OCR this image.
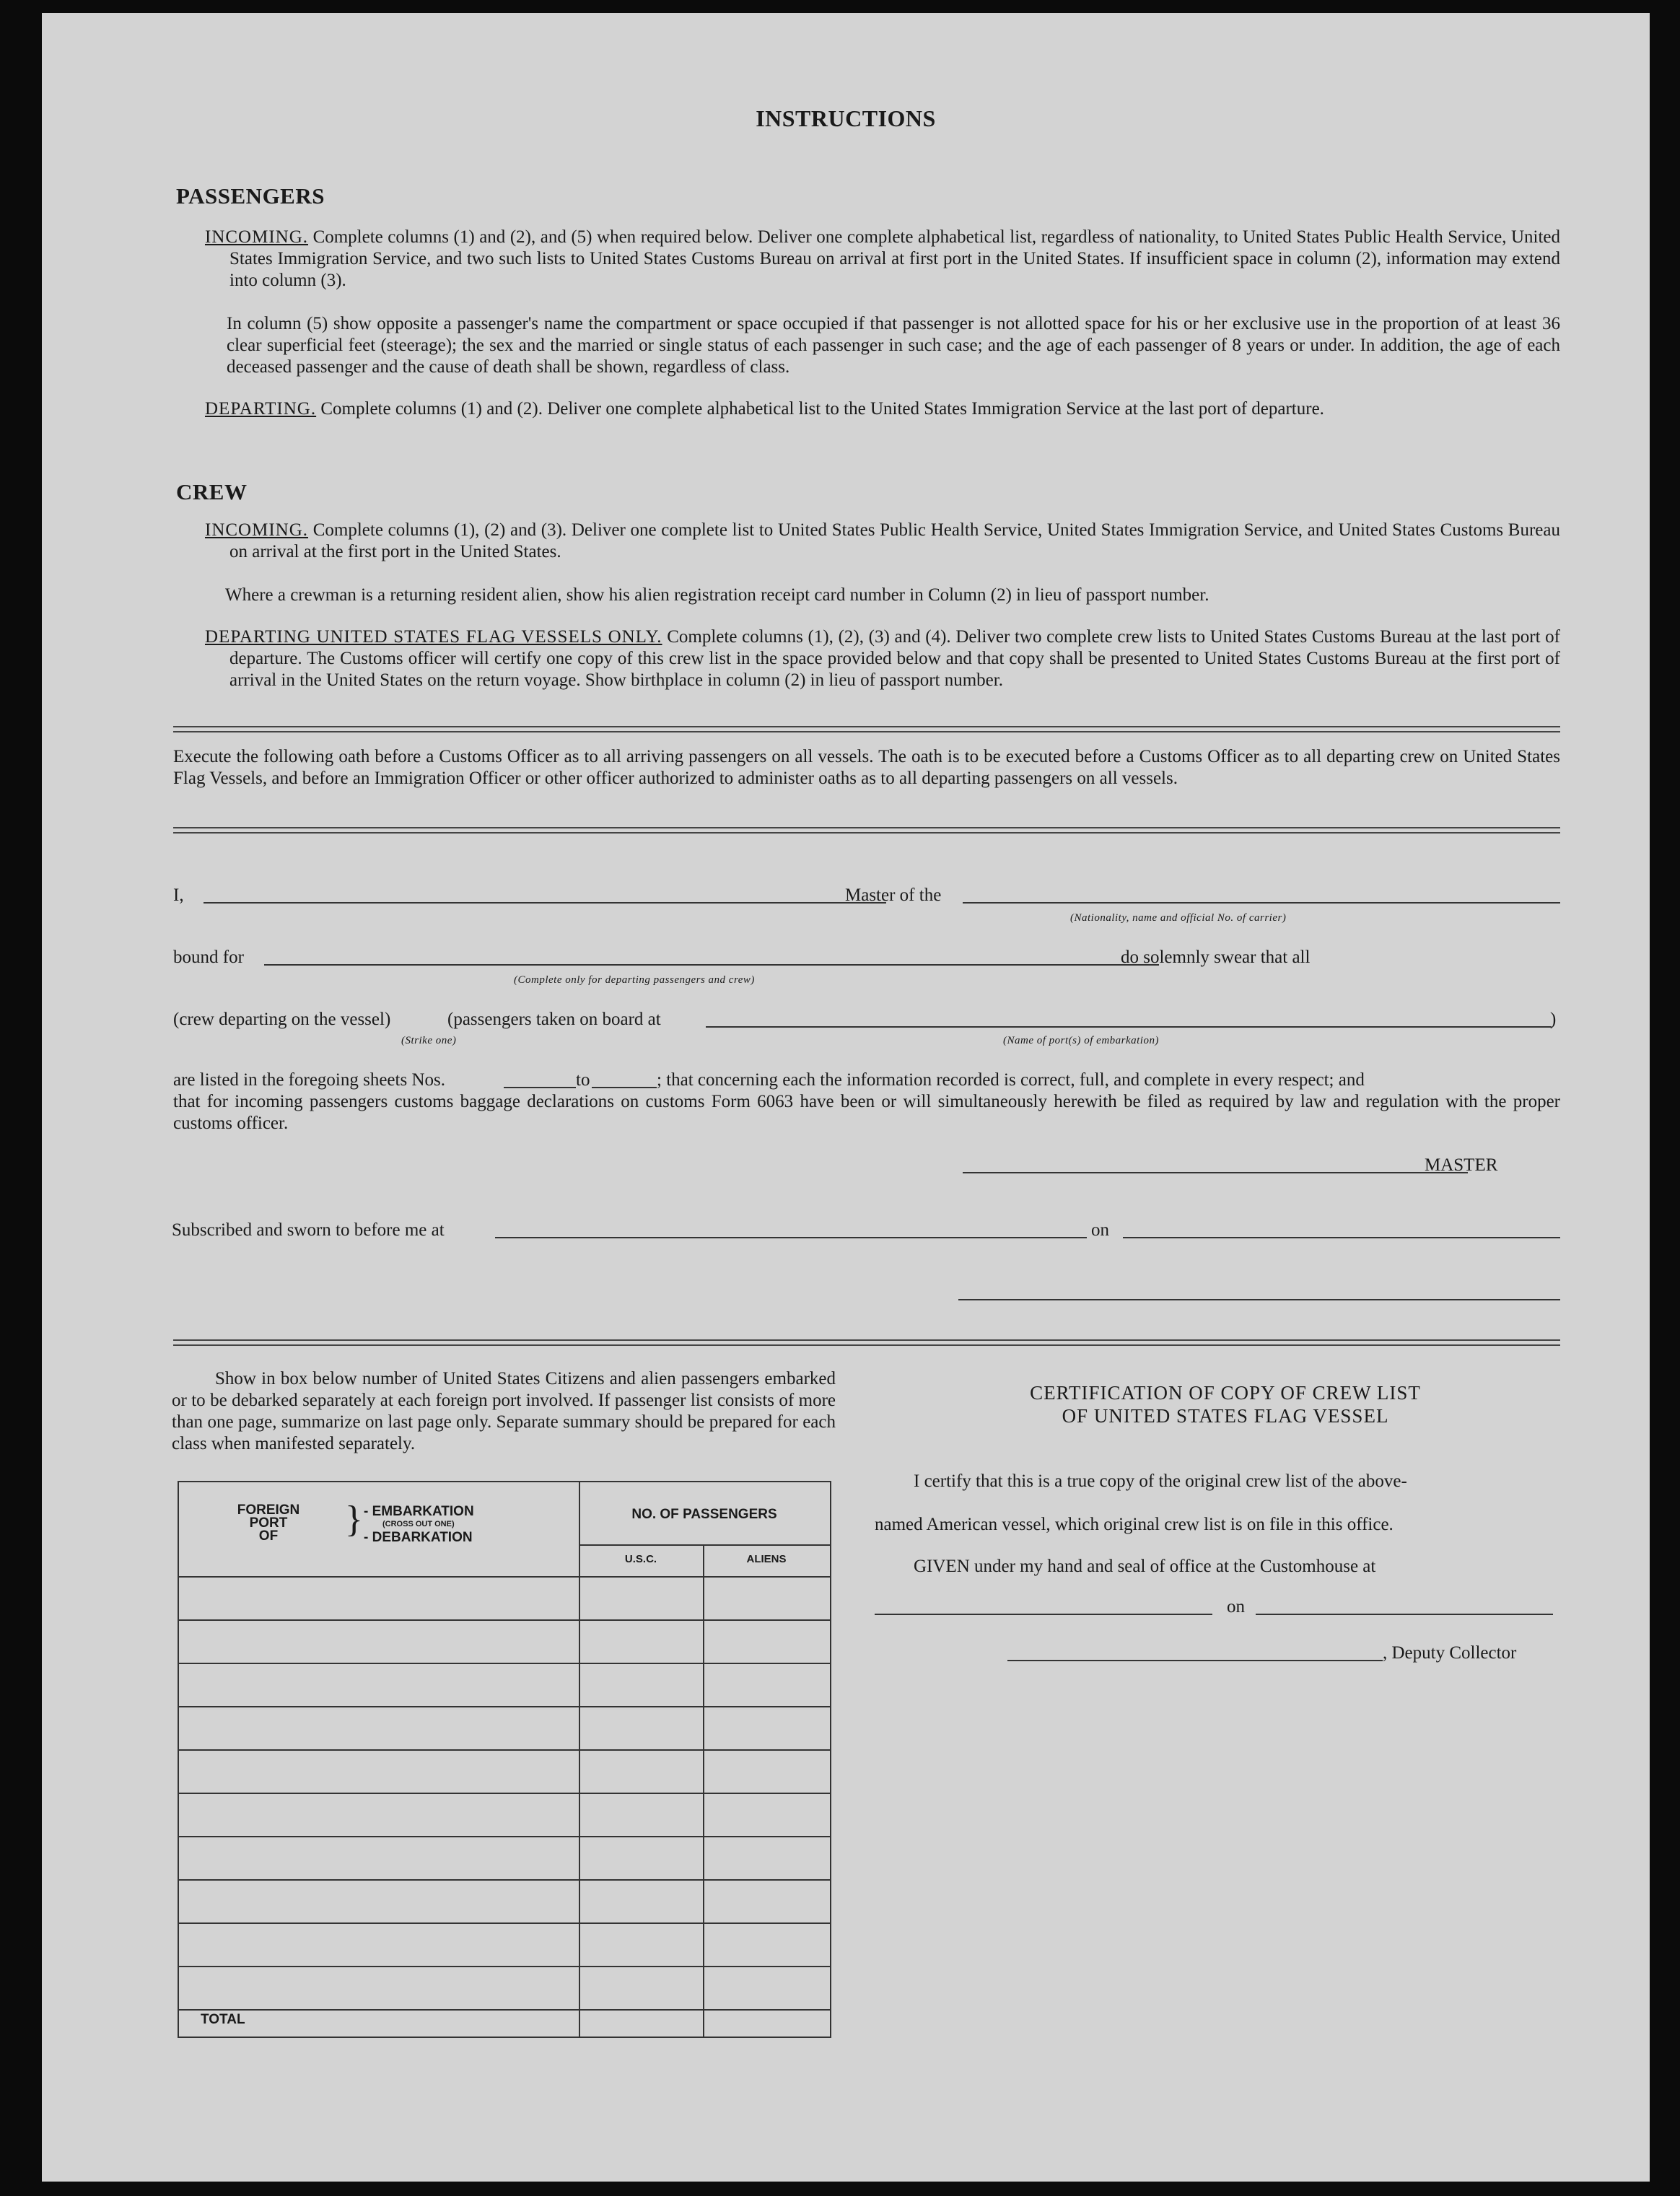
INSTRUCTIONS
PASSENGERS
INCOMING. Complete columns (1) and (2), and (5) when required below. Deliver one complete alphabetical list, regardless of nationality, to United States Public Health Service, United States Immigration Service, and two such lists to United States Customs Bureau on arrival at first port in the United States. If insufficient space in column (2), information may extend into column (3).
In column (5) show opposite a passenger's name the compartment or space occupied if that passenger is not allotted space for his or her exclusive use in the proportion of at least 36 clear superficial feet (steerage); the sex and the married or single status of each passenger in such case; and the age of each passenger of 8 years or under. In addition, the age of each deceased passenger and the cause of death shall be shown, regardless of class.
DEPARTING. Complete columns (1) and (2). Deliver one complete alphabetical list to the United States Immigration Service at the last port of departure.
CREW
INCOMING. Complete columns (1), (2) and (3). Deliver one complete list to United States Public Health Service, United States Immigration Service, and United States Customs Bureau on arrival at the first port in the United States.
Where a crewman is a returning resident alien, show his alien registration receipt card number in Column (2) in lieu of passport number.
DEPARTING UNITED STATES FLAG VESSELS ONLY. Complete columns (1), (2), (3) and (4). Deliver two complete crew lists to United States Customs Bureau at the last port of departure. The Customs officer will certify one copy of this crew list in the space provided below and that copy shall be presented to United States Customs Bureau at the first port of arrival in the United States on the return voyage. Show birthplace in column (2) in lieu of passport number.
Execute the following oath before a Customs Officer as to all arriving passengers on all vessels. The oath is to be executed before a Customs Officer as to all departing crew on United States Flag Vessels, and before an Immigration Officer or other officer authorized to administer oaths as to all departing passengers on all vessels.
I,	Master of the
(Nationality, name and official No. of carrier)
bound for	do solemnly swear that all
(Complete only for departing passengers and crew)
(crew departing on the vessel)	(passengers taken on board at	)
(Strike one)	(Name of port(s) of embarkation)
are listed in the foregoing sheets Nos.	to	; that concerning each the information recorded is correct, full, and complete in every respect; and
that for incoming passengers customs baggage declarations on customs Form 6063 have been or will simultaneously herewith be filed as required by law and regulation with the proper customs officer.
MASTER
Subscribed and sworn to before me at	on
Show in box below number of United States Citizens and alien passengers embarked or to be debarked separately at each foreign port involved. If passenger list consists of more than one page, summarize on last page only. Separate summary should be prepared for each class when manifested separately.
FOREIGN
PORT
OF	} - EMBARKATION
(CROSS OUT ONE)
- DEBARKATION
NO. OF PASSENGERS
U.S.C.	ALIENS
TOTAL
CERTIFICATION OF COPY OF CREW LIST
OF UNITED STATES FLAG VESSEL
I certify that this is a true copy of the original crew list of the above-
named American vessel, which original crew list is on file in this office.
GIVEN under my hand and seal of office at the Customhouse at
on
, Deputy Collector
